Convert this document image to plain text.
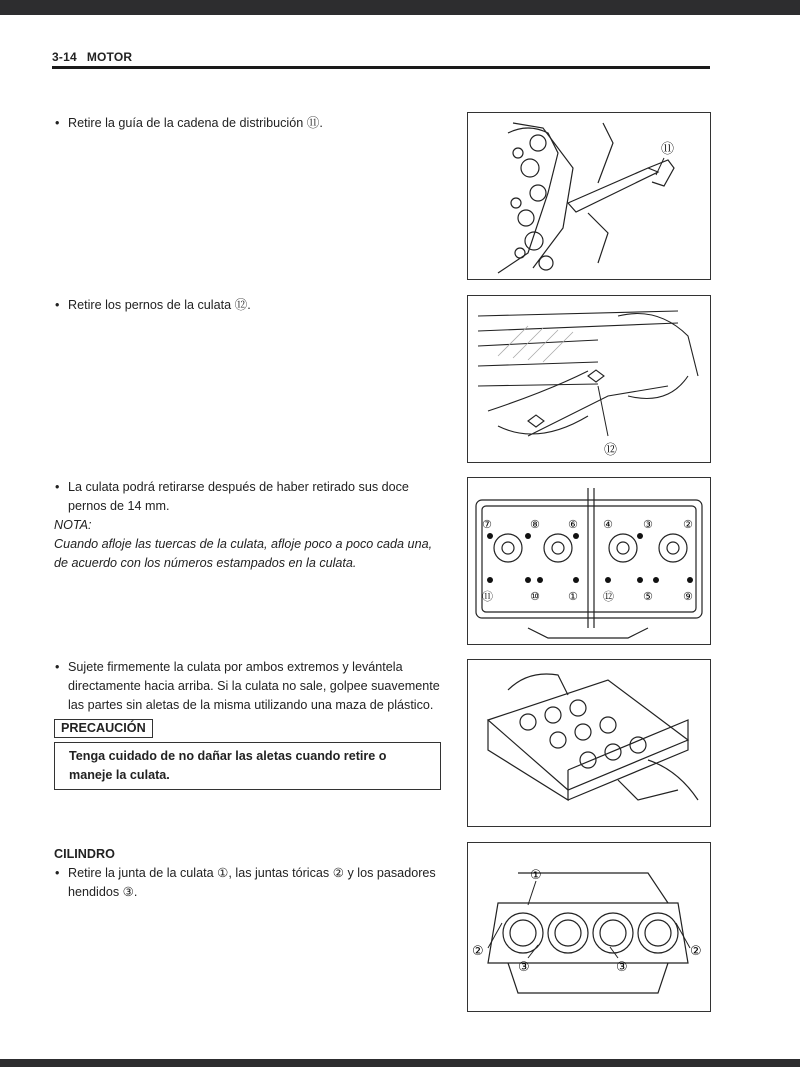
3-14 MOTOR
• Retire la guía de la cadena de distribución ⑪.
• Retire los pernos de la culata ⑫.
• La culata podrá retirarse después de haber retirado sus doce pernos de 14 mm.
NOTA:
Cuando afloje las tuercas de la culata, afloje poco a poco cada una, de acuerdo con los números estampados en la culata.
• Sujete firmemente la culata por ambos extremos y levántela directamente hacia arriba. Si la culata no sale, golpee suavemente las partes sin aletas de la misma utilizando una maza de plástico.
PRECAUCIÓN
Tenga cuidado de no dañar las aletas cuando retire o maneje la culata.
CILINDRO
• Retire la junta de la culata ①, las juntas tóricas ② y los pasadores hendidos ③.
⑪
⑫
⑦	⑧	⑥ ④	③	②
①	⑤	⑨
⑩
⑪	⑫
①
②	②
③	③
